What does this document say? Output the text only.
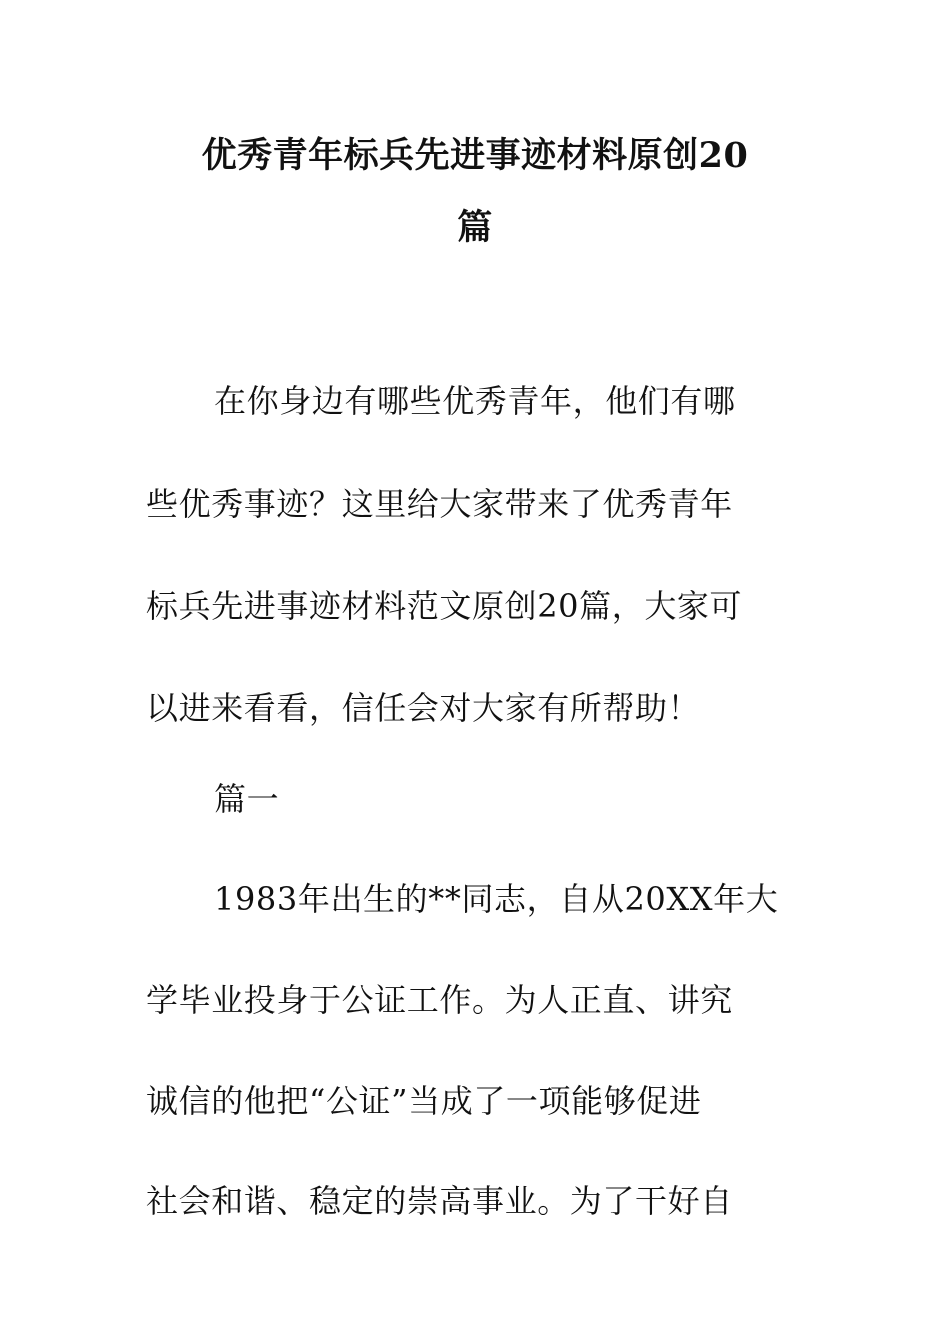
优秀青年标兵先进事迹材料原创20
篇

在你身边有哪些优秀青年，他们有哪

些优秀事迹？这里给大家带来了优秀青年

标兵先进事迹材料范文原创20篇，大家可

以进来看看，信任会对大家有所帮助！

篇一

1983年出生的**同志，自从20XX年大

学毕业投身于公证工作。为人正直、讲究

诚信的他把“公证”当成了一项能够促进

社会和谐、稳定的崇高事业。为了干好自
